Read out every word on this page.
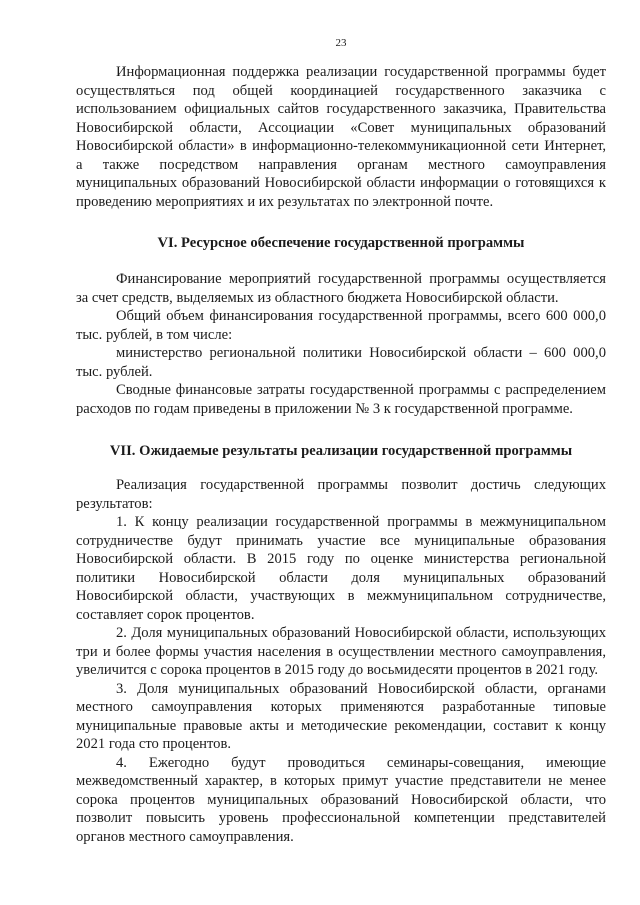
23

Информационная поддержка реализации государственной программы будет осуществляться под общей координацией государственного заказчика с использованием официальных сайтов государственного заказчика, Правительства Новосибирской области, Ассоциации «Совет муниципальных образований Новосибирской области» в информационно-телекоммуникационной сети Интернет, а также посредством направления органам местного самоуправления муниципальных образований Новосибирской области информации о готовящихся к проведению мероприятиях и их результатах по электронной почте.

VI. Ресурсное обеспечение государственной программы

Финансирование мероприятий государственной программы осуществляется за счет средств, выделяемых из областного бюджета Новосибирской области.

Общий объем финансирования государственной программы, всего 600 000,0 тыс. рублей, в том числе:

министерство региональной политики Новосибирской области – 600 000,0 тыс. рублей.

Сводные финансовые затраты государственной программы с распределением расходов по годам приведены в приложении № 3 к государственной программе.

VII. Ожидаемые результаты реализации государственной программы

Реализация государственной программы позволит достичь следующих результатов:

1. К концу реализации государственной программы в межмуниципальном сотрудничестве будут принимать участие все муниципальные образования Новосибирской области. В 2015 году по оценке министерства региональной политики Новосибирской области доля муниципальных образований Новосибирской области, участвующих в межмуниципальном сотрудничестве, составляет сорок процентов.

2. Доля муниципальных образований Новосибирской области, использующих три и более формы участия населения в осуществлении местного самоуправления, увеличится с сорока процентов в 2015 году до восьмидесяти процентов в 2021 году.

3. Доля муниципальных образований Новосибирской области, органами местного самоуправления которых применяются разработанные типовые муниципальные правовые акты и методические рекомендации, составит к концу 2021 года сто процентов.

4. Ежегодно будут проводиться семинары-совещания, имеющие межведомственный характер, в которых примут участие представители не менее сорока процентов муниципальных образований Новосибирской области, что позволит повысить уровень профессиональной компетенции представителей органов местного самоуправления.
